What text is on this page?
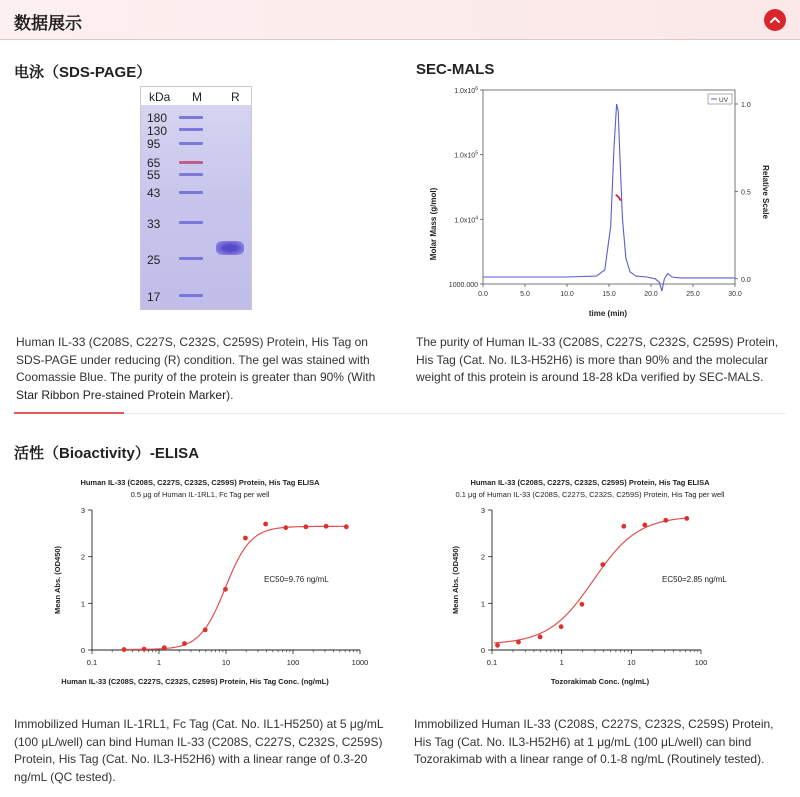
数据展示
电泳（SDS-PAGE）
kDa M R
180
130
95
65
55
43
33
25
17
Human IL-33 (C208S, C227S, C232S, C259S) Protein, His Tag on SDS-PAGE under reducing (R) condition. The gel was stained with Coomassie Blue. The purity of the protein is greater than 90% (With Star Ribbon Pre-stained Protein Marker).
SEC-MALS
1000.000
$1.0x10^4$
$1.0x10^5$
$1.0x10^6$
0.0
0.5
1.0
0.0	5.0	10.0	15.0	20.0	25.0	30.0
UV
time (min)
Molar Mass (g/mol)	Relative Scale
The purity of Human IL-33 (C208S, C227S, C232S, C259S) Protein, His Tag (Cat. No. IL3-H52H6) is more than 90% and the molecular weight of this protein is around 18-28 kDa verified by SEC-MALS.
活性（Bioactivity）-ELISA
Human IL-33 (C208S, C227S, C232S, C259S) Protein, His Tag ELISA
0.5 μg of Human IL-1RL1, Fc Tag per well
0
1
2
3
0.1	1	10	100	1000
EC50=9.76 ng/mL
Human IL-33 (C208S, C227S, C232S, C259S) Protein, His Tag Conc. (ng/mL)
Mean Abs. (OD450)
Immobilized Human IL-1RL1, Fc Tag (Cat. No. IL1-H5250) at 5 μg/mL (100 μL/well) can bind Human IL-33 (C208S, C227S, C232S, C259S) Protein, His Tag (Cat. No. IL3-H52H6) with a linear range of 0.3-20 ng/mL (QC tested).
Human IL-33 (C208S, C227S, C232S, C259S) Protein, His Tag ELISA
0.1 μg of Human IL-33 (C208S, C227S, C232S, C259S) Protein, His Tag per well
0
1
2
3
0.1	1	10	100
EC50=2.85 ng/mL
Tozorakimab Conc. (ng/mL)
Mean Abs. (OD450)
Immobilized Human IL-33 (C208S, C227S, C232S, C259S) Protein, His Tag (Cat. No. IL3-H52H6) at 1 μg/mL (100 μL/well) can bind Tozorakimab with a linear range of 0.1-8 ng/mL (Routinely tested).
